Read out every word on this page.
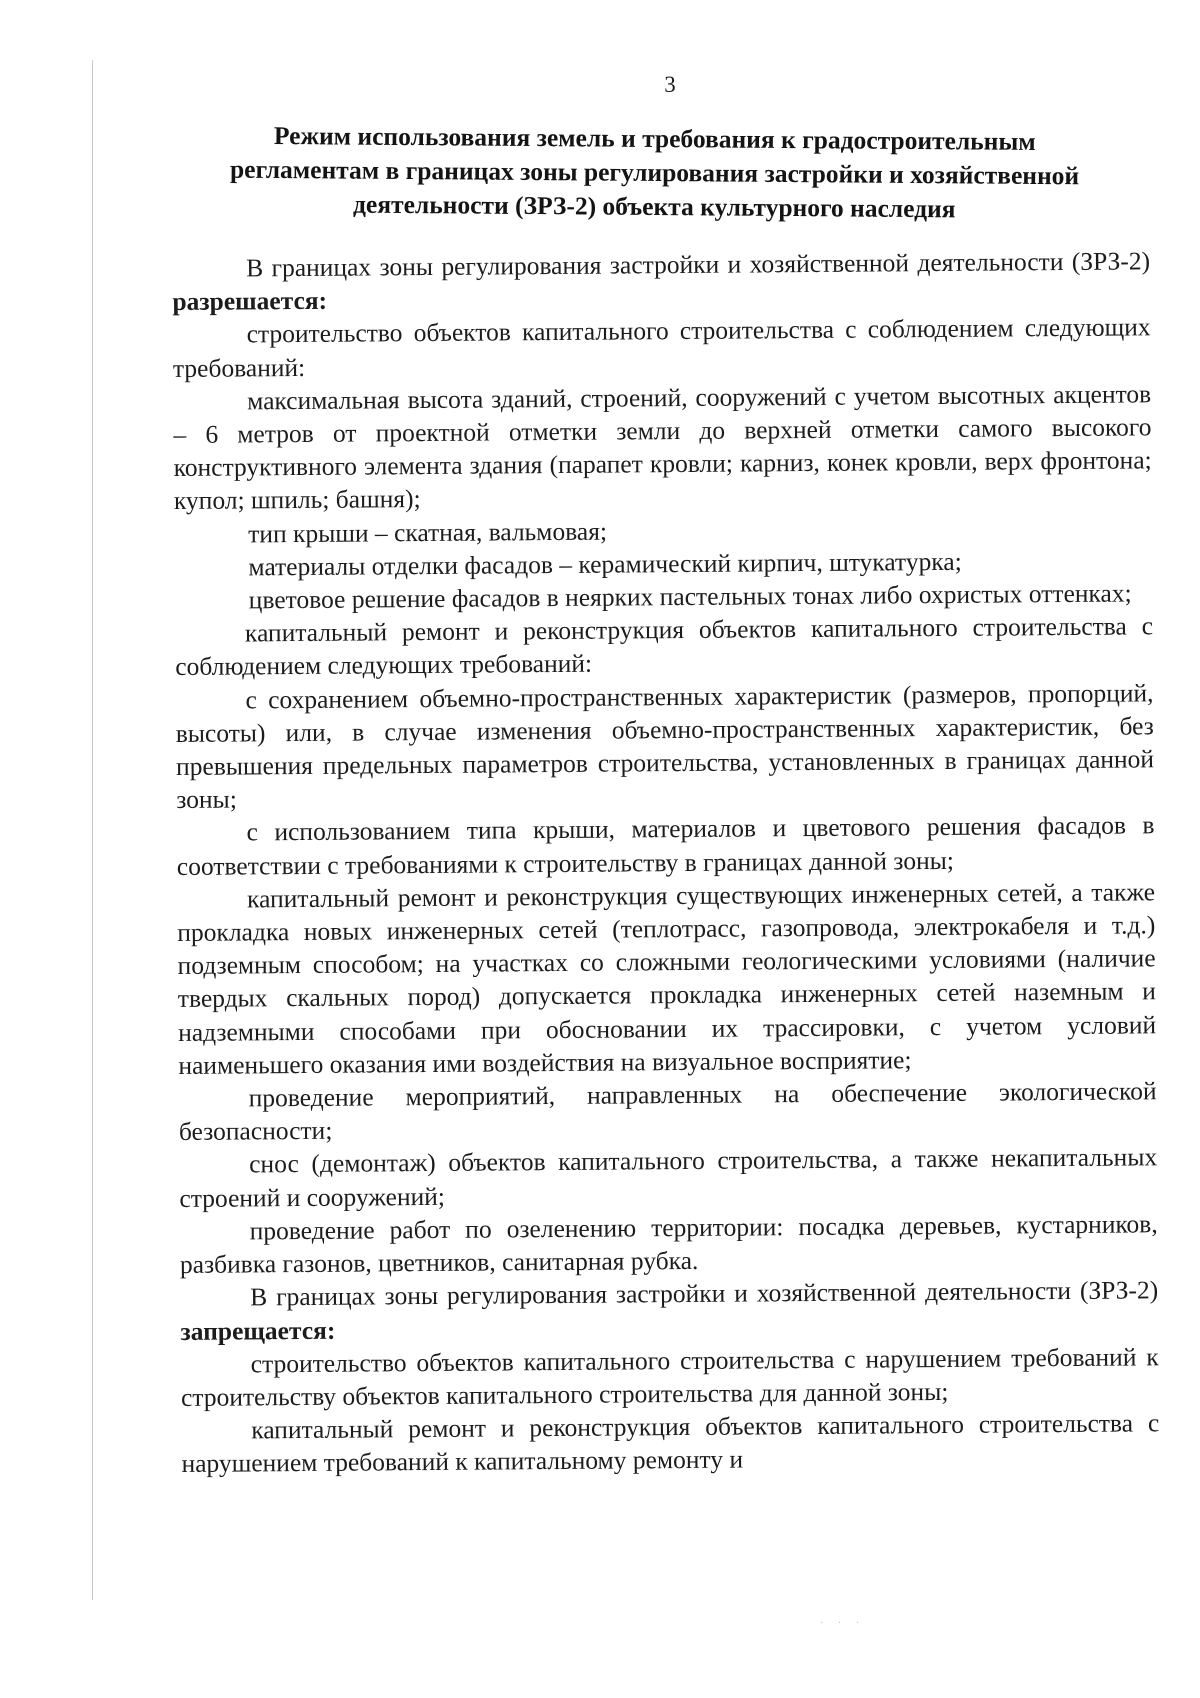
3
Режим использования земель и требования к градостроительным
регламентам в границах зоны регулирования застройки и хозяйственной
деятельности (ЗРЗ-2) объекта культурного наследия

В границах зоны регулирования застройки и хозяйственной деятельности (ЗРЗ-2) разрешается:

строительство объектов капитального строительства с соблюдением следующих требований:

максимальная высота зданий, строений, сооружений с учетом высотных акцентов – 6 метров от проектной отметки земли до верхней отметки самого высокого конструктивного элемента здания (парапет кровли; карниз, конек кровли, верх фронтона; купол; шпиль; башня);

тип крыши – скатная, вальмовая;

материалы отделки фасадов – керамический кирпич, штукатурка;

цветовое решение фасадов в неярких пастельных тонах либо охристых оттенках;

капитальный ремонт и реконструкция объектов капитального строительства с соблюдением следующих требований:

с сохранением объемно-пространственных характеристик (размеров, пропорций, высоты) или, в случае изменения объемно-пространственных характеристик, без превышения предельных параметров строительства, установленных в границах данной зоны;

с использованием типа крыши, материалов и цветового решения фасадов в соответствии с требованиями к строительству в границах данной зоны;

капитальный ремонт и реконструкция существующих инженерных сетей, а также прокладка новых инженерных сетей (теплотрасс, газопровода, электрокабеля и т.д.) подземным способом; на участках со сложными геологическими условиями (наличие твердых скальных пород) допускается прокладка инженерных сетей наземным и надземными способами при обосновании их трассировки, с учетом условий наименьшего оказания ими воздействия на визуальное восприятие;

проведение мероприятий, направленных на обеспечение экологической безопасности;

снос (демонтаж) объектов капитального строительства, а также некапитальных строений и сооружений;

проведение работ по озеленению территории: посадка деревьев, кустарников, разбивка газонов, цветников, санитарная рубка.

В границах зоны регулирования застройки и хозяйственной деятельности (ЗРЗ-2) запрещается:

строительство объектов капитального строительства с нарушением требований к строительству объектов капитального строительства для данной зоны;

капитальный ремонт и реконструкция объектов капитального строительства с нарушением требований к капитальному ремонту и

· · ·
